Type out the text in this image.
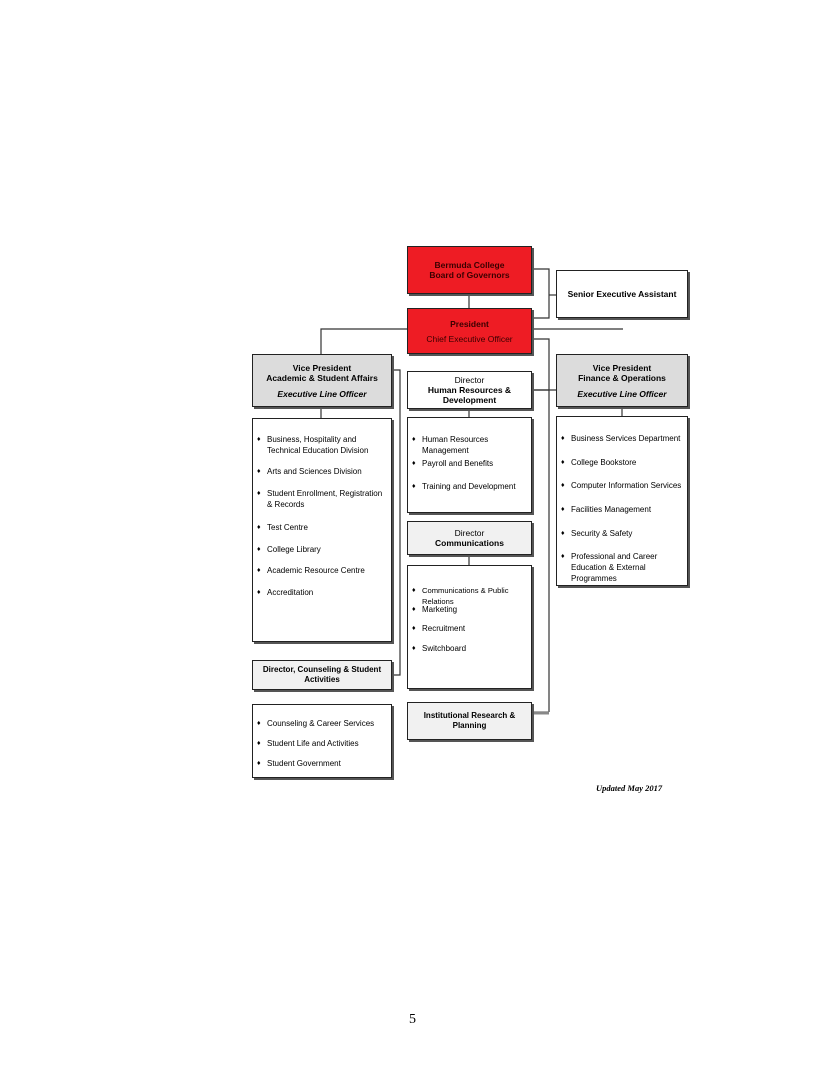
Bermuda College
Board of Governors
Senior Executive Assistant
President
Chief Executive Officer
Vice President
Academic & Student Affairs
Executive Line Officer
♦ Business, Hospitality and Technical Education Division
♦ Arts and Sciences Division
♦ Student Enrollment, Registration & Records
♦ Test Centre
♦ College Library
♦ Academic Resource Centre
♦ Accreditation
Director, Counseling & Student Activities
♦ Counseling & Career Services
♦ Student Life and Activities
♦ Student Government
Director
Human Resources & Development
♦ Human Resources Management
♦ Payroll and Benefits
♦ Training and Development
Director
Communications
♦ Communications & Public Relations
♦ Marketing
♦ Recruitment
♦ Switchboard
Institutional Research & Planning
Vice President
Finance & Operations
Executive Line Officer
♦ Business Services Department
♦ College Bookstore
♦ Computer Information Services
♦ Facilities Management
♦ Security & Safety
♦ Professional and Career Education & External Programmes
Updated May 2017
5
